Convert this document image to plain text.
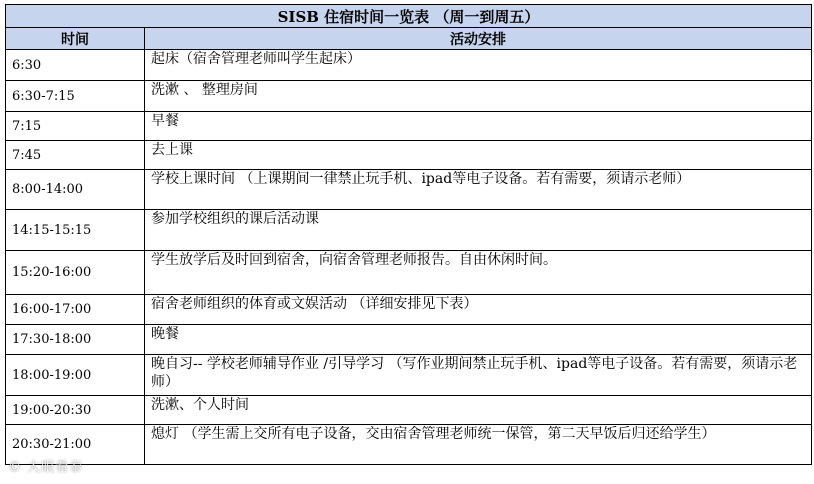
SISB 住宿时间一览表 （周一到周五）	
时间	活动安排
6:30	起床（宿舍管理老师叫学生起床）
6:30-7:15	洗漱 、 整理房间
7:15	早餐
7:45	去上课
8:00-14:00	学校上课时间 （上课期间一律禁止玩手机、ipad等电子设备。若有需要，须请示老师）
14:15-15:15	参加学校组织的课后活动课
15:20-16:00	学生放学后及时回到宿舍，向宿舍管理老师报告。自由休闲时间。
16:00-17:00	宿舍老师组织的体育或文娱活动 （详细安排见下表）
17:30-18:00	晚餐
18:00-19:00	晚自习-- 学校老师辅导作业 /引导学习 （写作业期间禁止玩手机、ipad等电子设备。若有需要，须请示老师）
19:00-20:30	洗漱、个人时间
20:30-21:00	熄灯 （学生需上交所有电子设备，交由宿舍管理老师统一保管，第二天早饭后归还给学生）
© 大眼看泰
